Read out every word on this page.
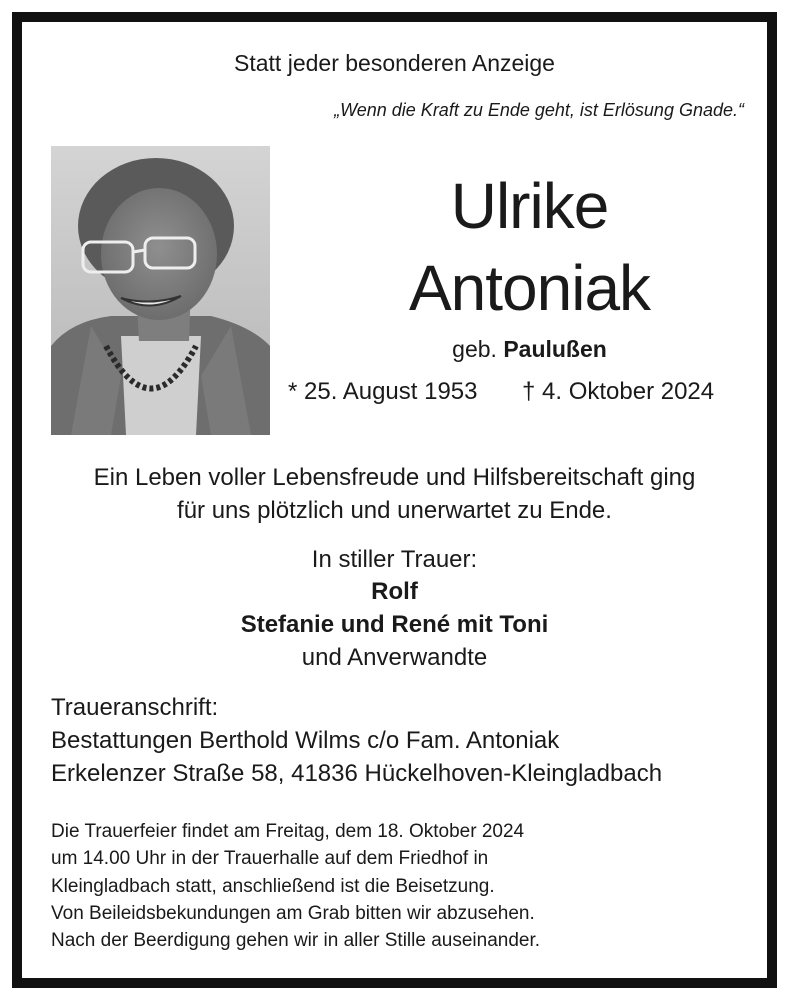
Statt jeder besonderen Anzeige
„Wenn die Kraft zu Ende geht, ist Erlösung Gnade.“
Ulrike
Antoniak
geb. Paulußen
* 25. August 1953 † 4. Oktober 2024
Ein Leben voller Lebensfreude und Hilfsbereitschaft ging
für uns plötzlich und unerwartet zu Ende.
In stiller Trauer:
Rolf
Stefanie und René mit Toni
und Anverwandte
Traueranschrift:
Bestattungen Berthold Wilms c/o Fam. Antoniak
Erkelenzer Straße 58, 41836 Hückelhoven-Kleingladbach
Die Trauerfeier findet am Freitag, dem 18. Oktober 2024
um 14.00 Uhr in der Trauerhalle auf dem Friedhof in
Kleingladbach statt, anschließend ist die Beisetzung.
Von Beileidsbekundungen am Grab bitten wir abzusehen.
Nach der Beerdigung gehen wir in aller Stille auseinander.
